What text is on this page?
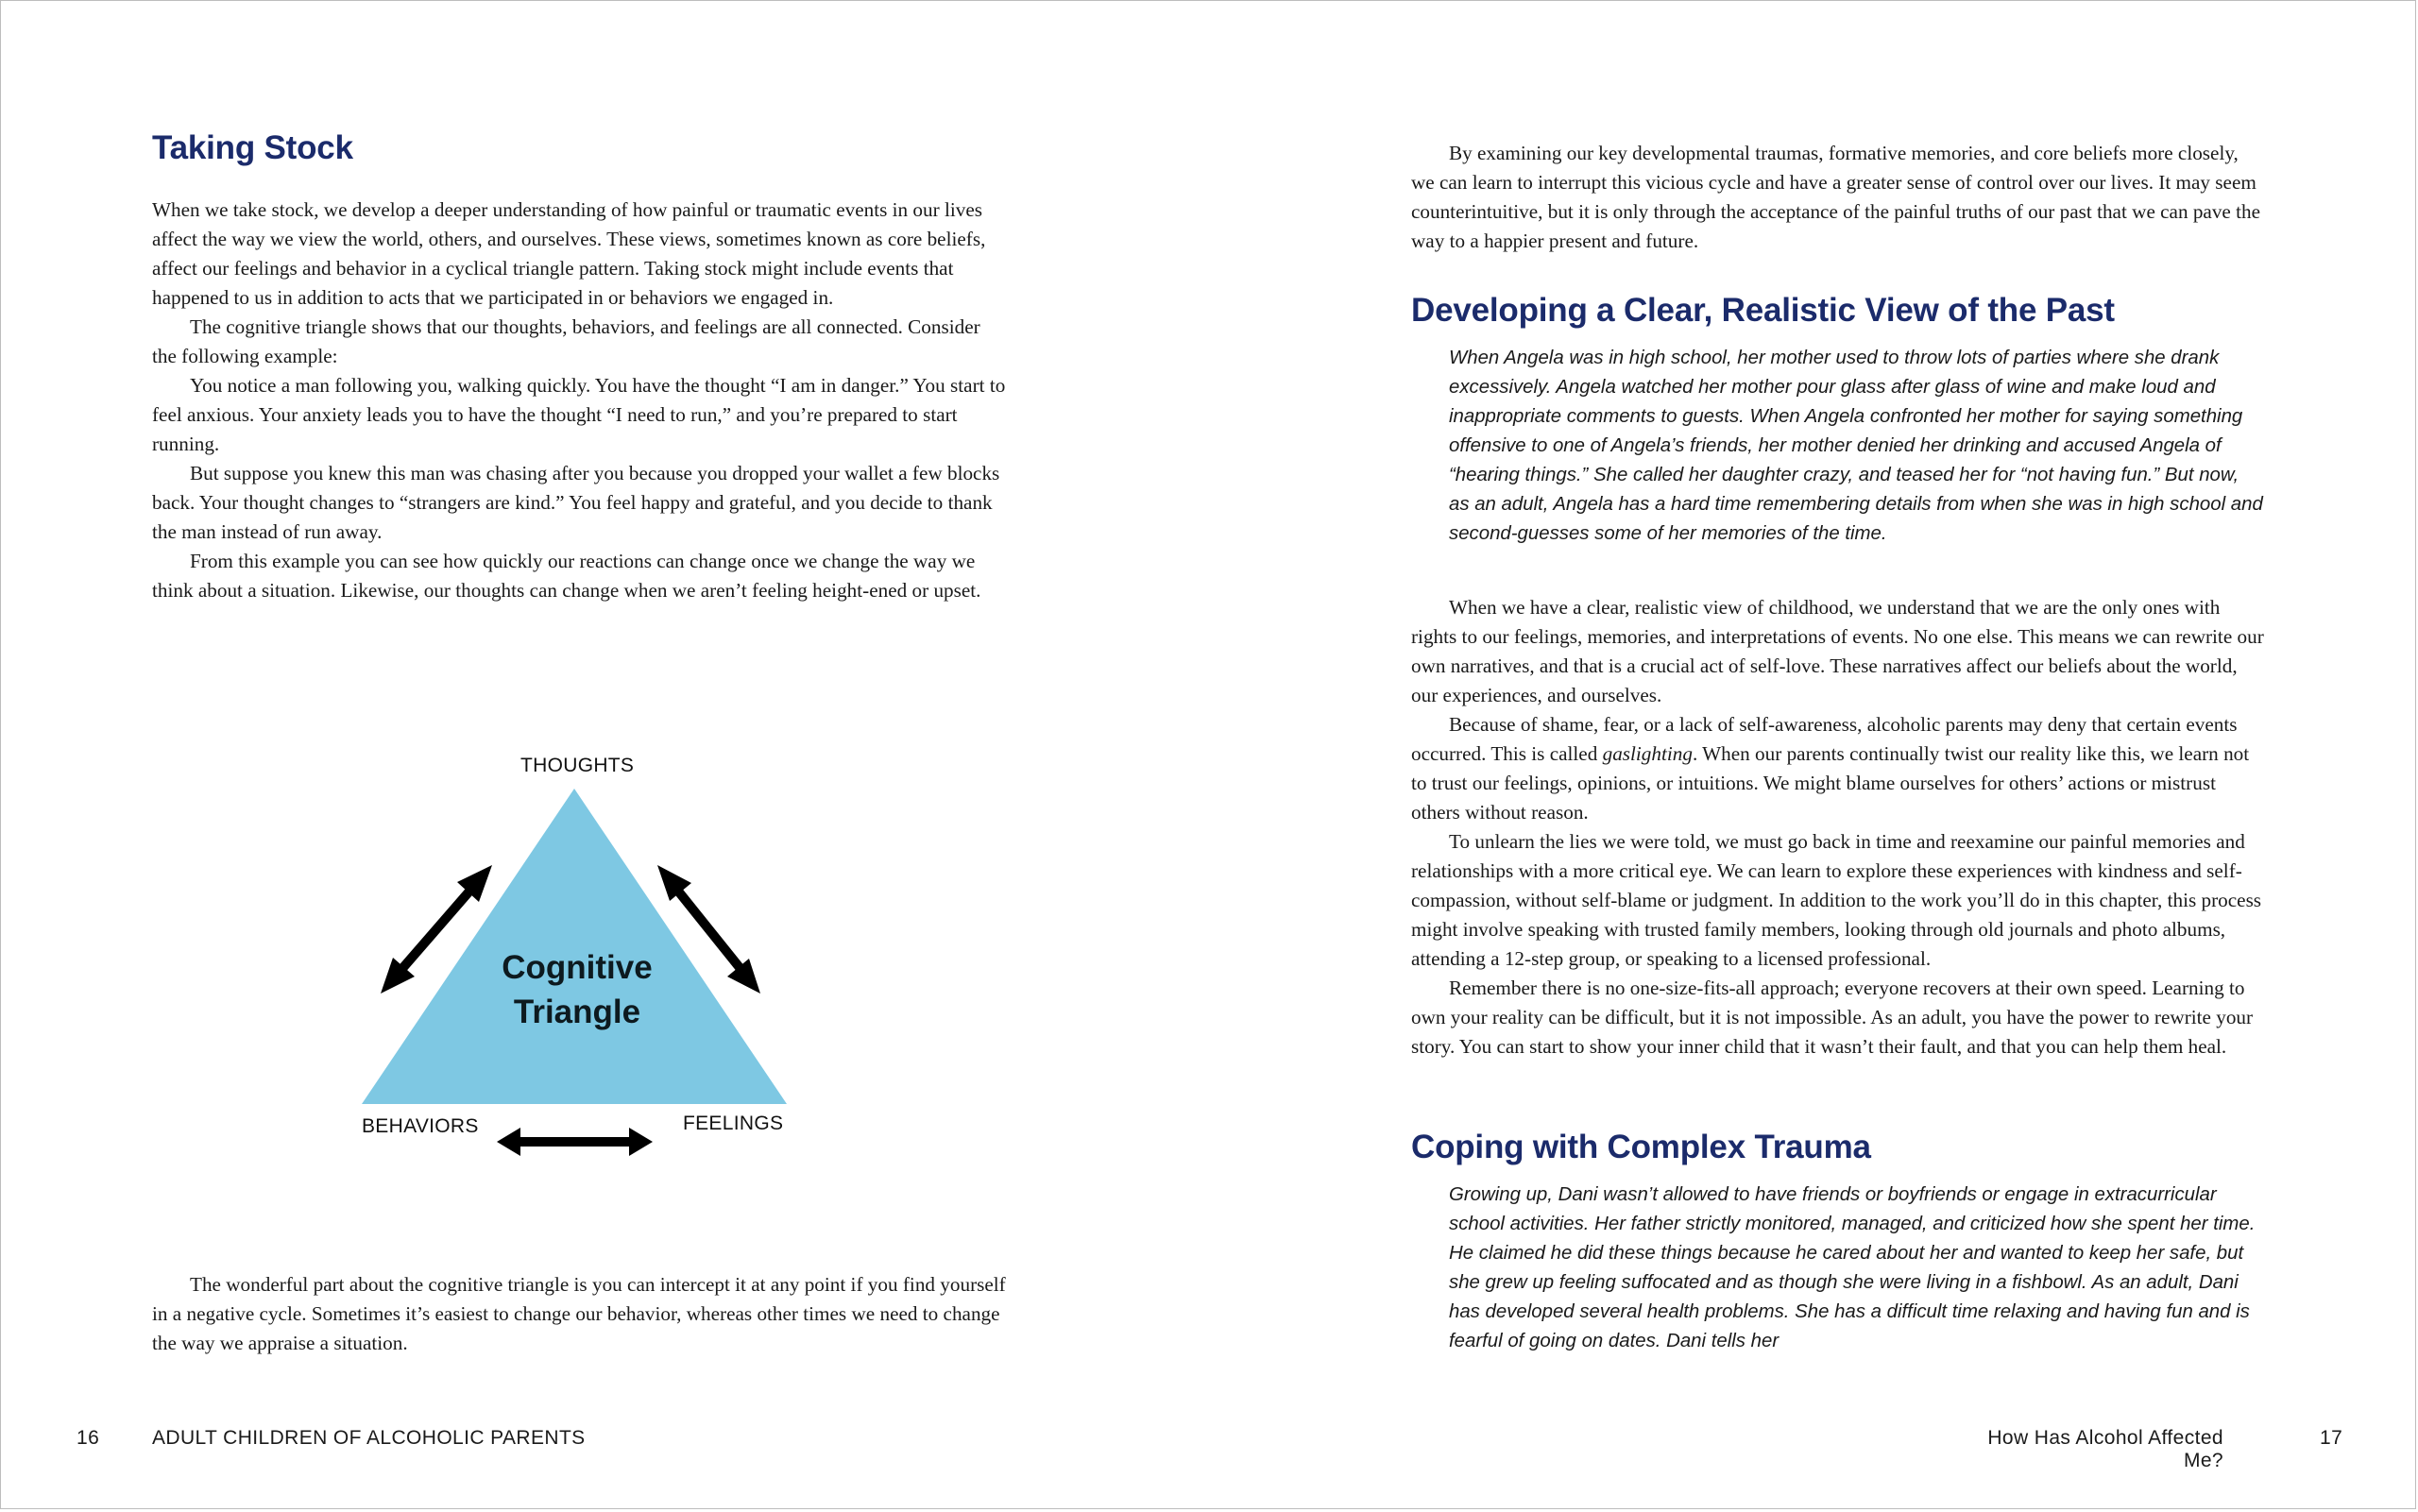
Taking Stock

When we take stock, we develop a deeper understanding of how painful or traumatic events in our lives affect the way we view the world, others, and ourselves. These views, sometimes known as core beliefs, affect our feelings and behavior in a cyclical triangle pattern. Taking stock might include events that happened to us in addition to acts that we participated in or behaviors we engaged in.

The cognitive triangle shows that our thoughts, behaviors, and feelings are all connected. Consider the following example:

You notice a man following you, walking quickly. You have the thought “I am in danger.” You start to feel anxious. Your anxiety leads you to have the thought “I need to run,” and you’re prepared to start running.

But suppose you knew this man was chasing after you because you dropped your wallet a few blocks back. Your thought changes to “strangers are kind.” You feel happy and grateful, and you decide to thank the man instead of run away.

From this example you can see how quickly our reactions can change once we change the way we think about a situation. Likewise, our thoughts can change when we aren’t feeling height-ened or upset.

THOUGHTS
BEHAVIORS	FEELINGS
Cognitive
Triangle

The wonderful part about the cognitive triangle is you can intercept it at any point if you find yourself in a negative cycle. Sometimes it’s easiest to change our behavior, whereas other times we need to change the way we appraise a situation.

16	ADULT CHILDREN OF ALCOHOLIC PARENTS

By examining our key developmental traumas, formative memories, and core beliefs more closely, we can learn to interrupt this vicious cycle and have a greater sense of control over our lives. It may seem counterintuitive, but it is only through the acceptance of the painful truths of our past that we can pave the way to a happier present and future.

Developing a Clear, Realistic View of the Past

When Angela was in high school, her mother used to throw lots of parties where she drank excessively. Angela watched her mother pour glass after glass of wine and make loud and inappropriate comments to guests. When Angela confronted her mother for saying something offensive to one of Angela’s friends, her mother denied her drinking and accused Angela of “hearing things.” She called her daughter crazy, and teased her for “not having fun.” But now, as an adult, Angela has a hard time remembering details from when she was in high school and second-guesses some of her memories of the time.

When we have a clear, realistic view of childhood, we understand that we are the only ones with rights to our feelings, memories, and interpretations of events. No one else. This means we can rewrite our own narratives, and that is a crucial act of self-love. These narratives affect our beliefs about the world, our experiences, and ourselves.

Because of shame, fear, or a lack of self-awareness, alcoholic parents may deny that certain events occurred. This is called gaslighting. When our parents continually twist our reality like this, we learn not to trust our feelings, opinions, or intuitions. We might blame ourselves for others’ actions or mistrust others without reason.

To unlearn the lies we were told, we must go back in time and reexamine our painful memories and relationships with a more critical eye. We can learn to explore these experiences with kindness and self-compassion, without self-blame or judgment. In addition to the work you’ll do in this chapter, this process might involve speaking with trusted family members, looking through old journals and photo albums, attending a 12-step group, or speaking to a licensed professional.

Remember there is no one-size-fits-all approach; everyone recovers at their own speed. Learning to own your reality can be difficult, but it is not impossible. As an adult, you have the power to rewrite your story. You can start to show your inner child that it wasn’t their fault, and that you can help them heal.

Coping with Complex Trauma

Growing up, Dani wasn’t allowed to have friends or boyfriends or engage in extracurricular school activities. Her father strictly monitored, managed, and criticized how she spent her time. He claimed he did these things because he cared about her and wanted to keep her safe, but she grew up feeling suffocated and as though she were living in a fishbowl. As an adult, Dani has developed several health problems. She has a difficult time relaxing and having fun and is fearful of going on dates. Dani tells her

How Has Alcohol Affected Me?
17
